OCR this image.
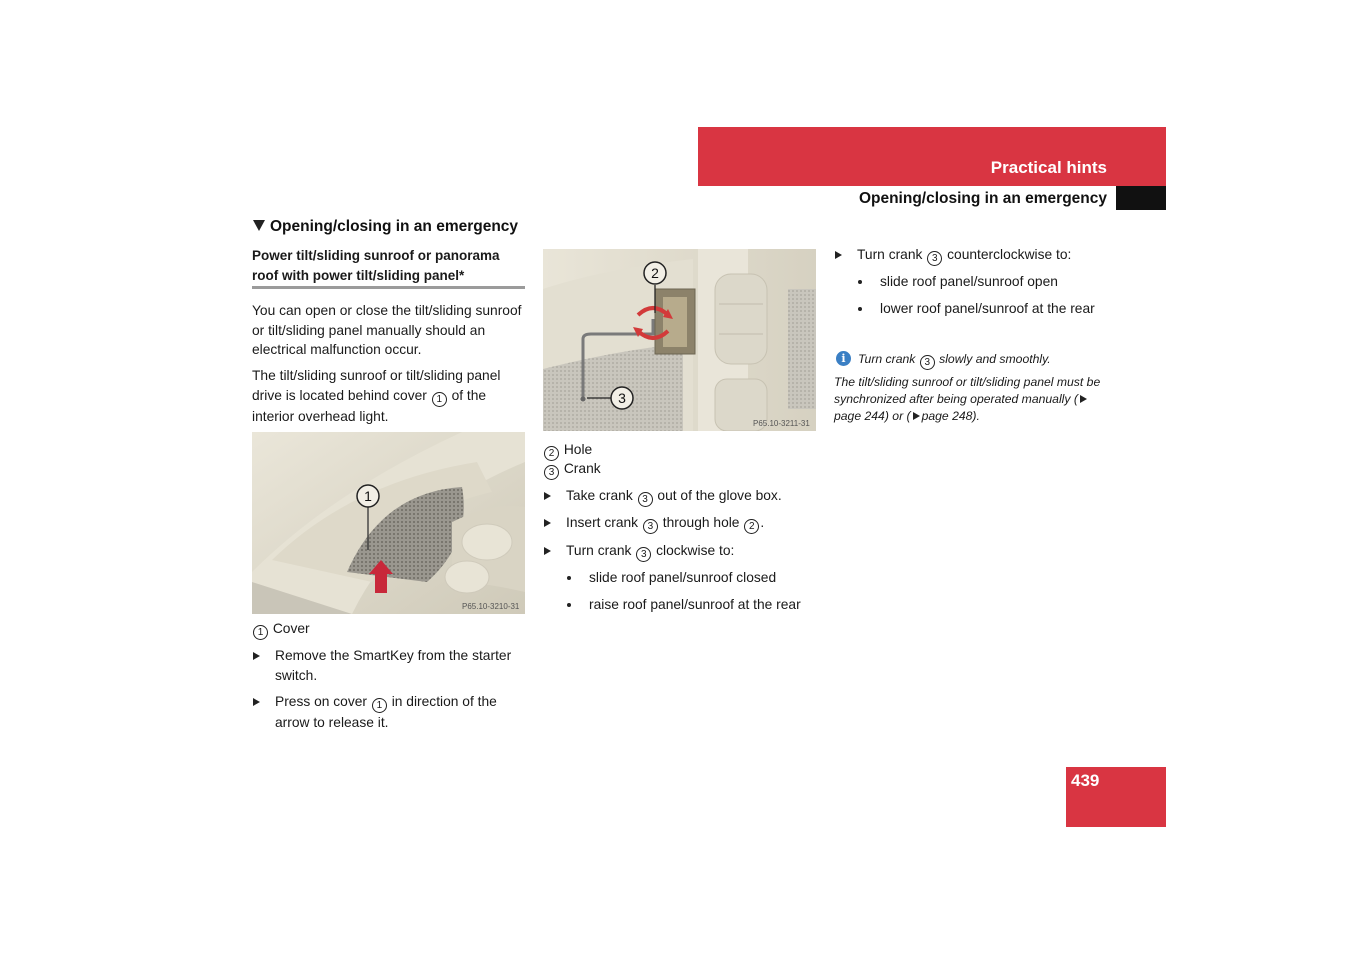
Practical hints
Opening/closing in an emergency
Opening/closing in an emergency
Power tilt/sliding sunroof or panorama roof with power tilt/sliding panel*
You can open or close the tilt/sliding sunroof or tilt/sliding panel manually should an electrical malfunction occur.
The tilt/sliding sunroof or tilt/sliding panel drive is located behind cover 1 of the interior overhead light.
1
P65.10-3210-31
1 Cover
Remove the SmartKey from the starter switch.
Press on cover 1 in direction of the arrow to release it.
2
3
P65.10-3211-31
2 Hole
3 Crank
Take crank 3 out of the glove box.
Insert crank 3 through hole 2 .
Turn crank 3 clockwise to:
slide roof panel/sunroof closed
raise roof panel/sunroof at the rear
Turn crank 3 counterclockwise to:
slide roof panel/sunroof open
lower roof panel/sunroof at the rear
i	Turn crank 3 slowly and smoothly.
The tilt/sliding sunroof or tilt/sliding panel must be synchronized after being operated manually (page 244) or ( page 248).
439
